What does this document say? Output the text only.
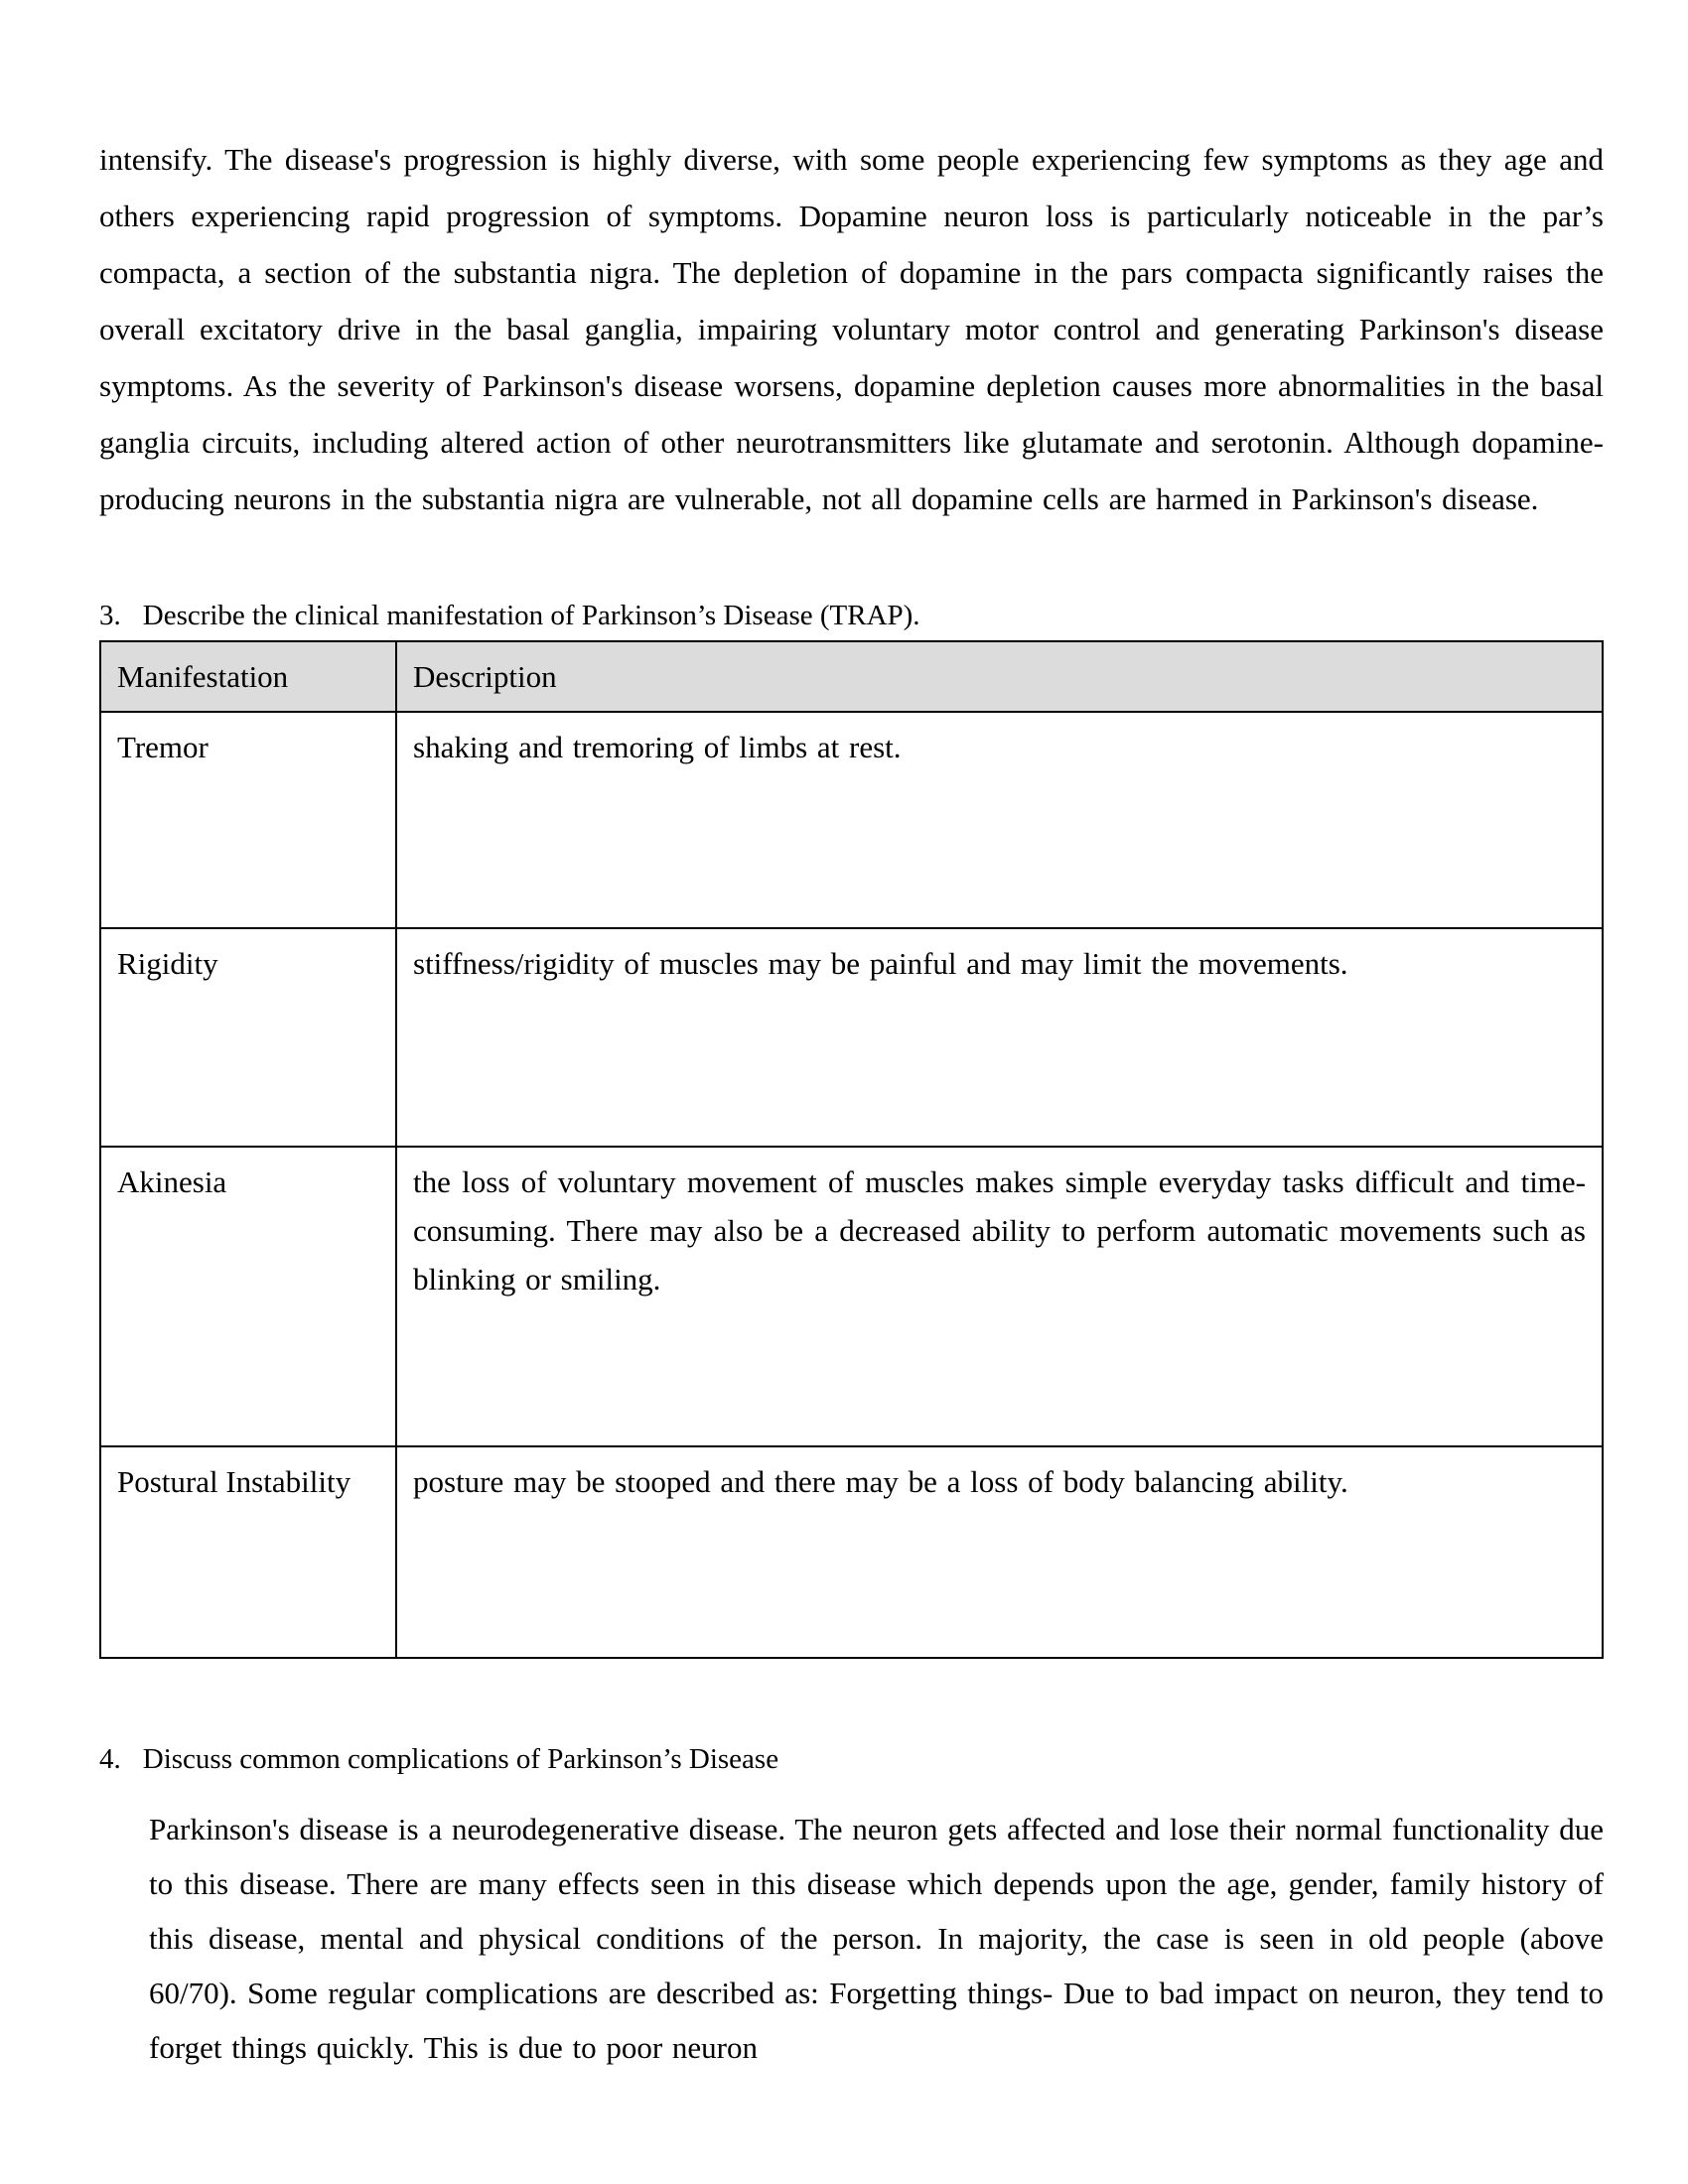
intensify. The disease's progression is highly diverse, with some people experiencing few symptoms as they age and others experiencing rapid progression of symptoms. Dopamine neuron loss is particularly noticeable in the par’s compacta, a section of the substantia nigra. The depletion of dopamine in the pars compacta significantly raises the overall excitatory drive in the basal ganglia, impairing voluntary motor control and generating Parkinson's disease symptoms. As the severity of Parkinson's disease worsens, dopamine depletion causes more abnormalities in the basal ganglia circuits, including altered action of other neurotransmitters like glutamate and serotonin. Although dopamine-producing neurons in the substantia nigra are vulnerable, not all dopamine cells are harmed in Parkinson's disease.

3. Describe the clinical manifestation of Parkinson’s Disease (TRAP).
Manifestation	Description
Tremor	shaking and tremoring of limbs at rest.
Rigidity	stiffness/rigidity of muscles may be painful and may limit the movements.
Akinesia	the loss of voluntary movement of muscles makes simple everyday tasks difficult and time-consuming. There may also be a decreased ability to perform automatic movements such as blinking or smiling.
Postural Instability	posture may be stooped and there may be a loss of body balancing ability.
4. Discuss common complications of Parkinson’s Disease

Parkinson's disease is a neurodegenerative disease. The neuron gets affected and lose their normal functionality due to this disease. There are many effects seen in this disease which depends upon the age, gender, family history of this disease, mental and physical conditions of the person. In majority, the case is seen in old people (above 60/70). Some regular complications are described as: Forgetting things- Due to bad impact on neuron, they tend to forget things quickly. This is due to poor neuron
